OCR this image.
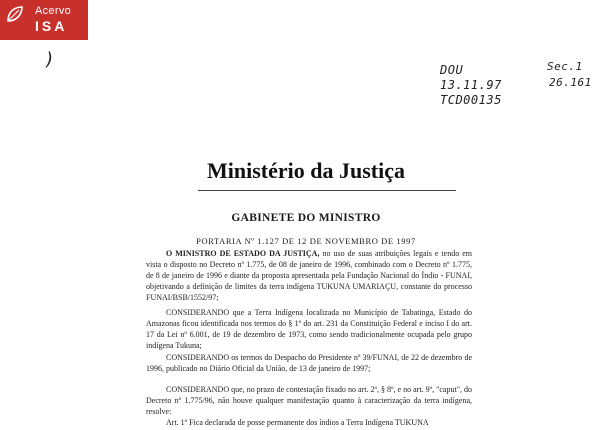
Acervo
ISA
)	DOU
13.11.97
TCD00135
Sec.1
26.161
Ministério da Justiça
GABINETE DO MINISTRO
PORTARIA Nº 1.127 DE 12 DE NOVEMBRO DE 1997
O MINISTRO DE ESTADO DA JUSTIÇA, no uso de suas atribuições legais e tendo em vista o disposto no Decreto nº 1.775, de 08 de janeiro de 1996, combinado com o Decreto nº 1.775, de 8 de janeiro de 1996 e diante da proposta apresentada pela Fundação Nacional do Índio - FUNAI, objetivando a definição de limites da terra indígena TUKUNA UMARIAÇU, constante do processo FUNAI/BSB/1552/97;
CONSIDERANDO que a Terra Indígena localizada no Município de Tabatinga, Estado do Amazonas ficou identificada nos termos do § 1º do art. 231 da Constituição Federal e inciso I do art. 17 da Lei nº 6.001, de 19 de dezembro de 1973, como sendo tradicionalmente ocupada pelo grupo indígena Tukuna;
CONSIDERANDO os termos do Despacho do Presidente nº 39/FUNAI, de 22 de dezembro de 1996, publicado no Diário Oficial da União, de 13 de janeiro de 1997;
CONSIDERANDO que, no prazo de contestação fixado no art. 2º, § 8º, e no art. 9º, "caput", do Decreto nº 1.775/96, não houve qualquer manifestação quanto à caracterização da terra indígena, resolve:
Art. 1º Fica declarada de posse permanente dos índios a Terra Indígena TUKUNA
